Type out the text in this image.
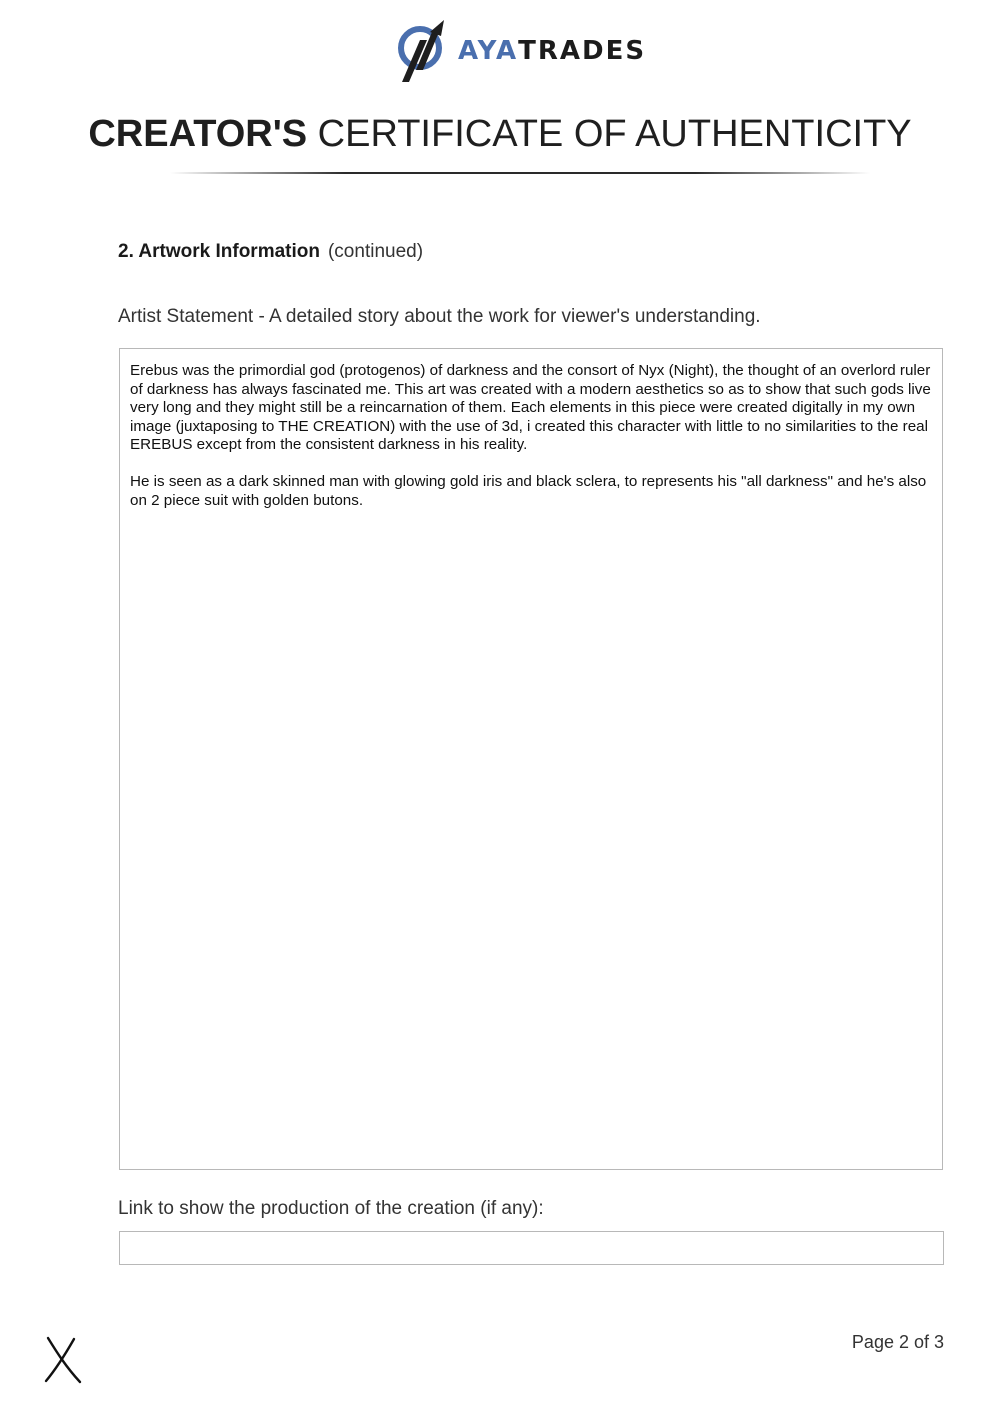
AYA TRADES
CREATOR'S CERTIFICATE OF AUTHENTICITY
2. Artwork Information (continued)
Artist Statement - A detailed story about the work for viewer's understanding.

Erebus was the primordial god (protogenos) of darkness and the consort of Nyx (Night), the thought of an overlord ruler of darkness has always fascinated me. This art was created with a modern aesthetics so as to show that such gods live very long and they might still be a reincarnation of them. Each elements in this piece were created digitally in my own image (juxtaposing to THE CREATION) with the use of 3d, i created this character with little to no similarities to the real EREBUS except from the consistent darkness in his reality.

He is seen as a dark skinned man with glowing gold iris and black sclera, to represents his "all darkness" and he's also on 2 piece suit with golden butons.

Link to show the production of the creation (if any):
Page 2 of 3
